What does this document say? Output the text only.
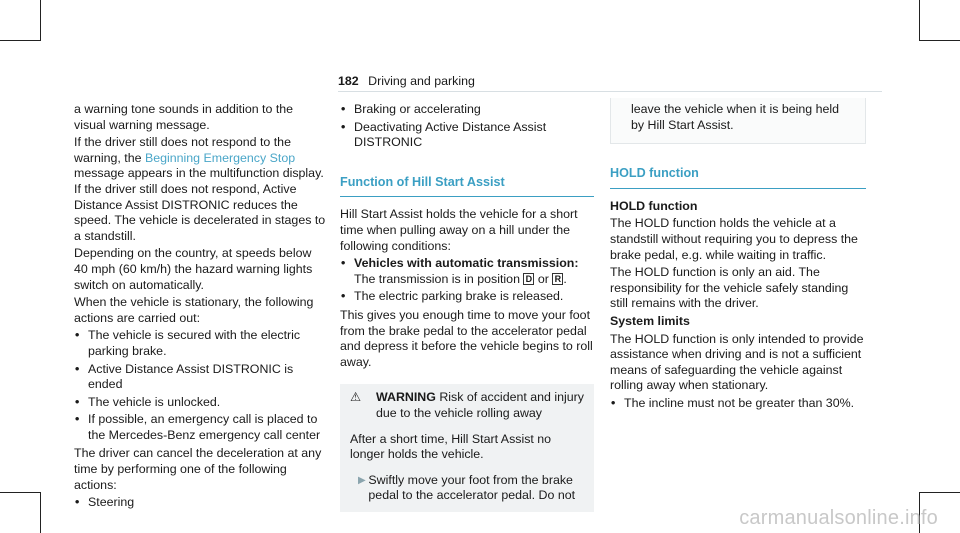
182 Driving and parking

a warning tone sounds in addition to the visual warning message.

If the driver still does not respond to the warning, the Beginning Emergency Stop message appears in the multifunction display. If the driver still does not respond, Active Distance Assist DISTRONIC reduces the speed. The vehicle is decelerated in stages to a standstill.

Depending on the country, at speeds below 40 mph (60 km/h) the hazard warning lights switch on automatically.

When the vehicle is stationary, the following actions are carried out:

• The vehicle is secured with the electric parking brake.
• Active Distance Assist DISTRONIC is ended
• The vehicle is unlocked.
• If possible, an emergency call is placed to the Mercedes-Benz emergency call center

The driver can cancel the deceleration at any time by performing one of the following actions:

• Steering
• Braking or accelerating
• Deactivating Active Distance Assist DISTRONIC
Function of Hill Start Assist

Hill Start Assist holds the vehicle for a short time when pulling away on a hill under the following conditions:

• Vehicles with automatic transmission:
The transmission is in position D or R .
• The electric parking brake is released.

This gives you enough time to move your foot from the brake pedal to the accelerator pedal and depress it before the vehicle begins to roll away.

⚠	WARNING Risk of accident and injury due to the vehicle rolling away

After a short time, Hill Start Assist no longer holds the vehicle.

▶ Swiftly move your foot from the brake pedal to the accelerator pedal. Do not
leave the vehicle when it is being held by Hill Start Assist.
HOLD function

HOLD function

The HOLD function holds the vehicle at a standstill without requiring you to depress the brake pedal, e.g. while waiting in traffic.

The HOLD function is only an aid. The responsibility for the vehicle safely standing still remains with the driver.

System limits

The HOLD function is only intended to provide assistance when driving and is not a sufficient means of safeguarding the vehicle against rolling away when stationary.

• The incline must not be greater than 30%.
carmanualsonline.info
